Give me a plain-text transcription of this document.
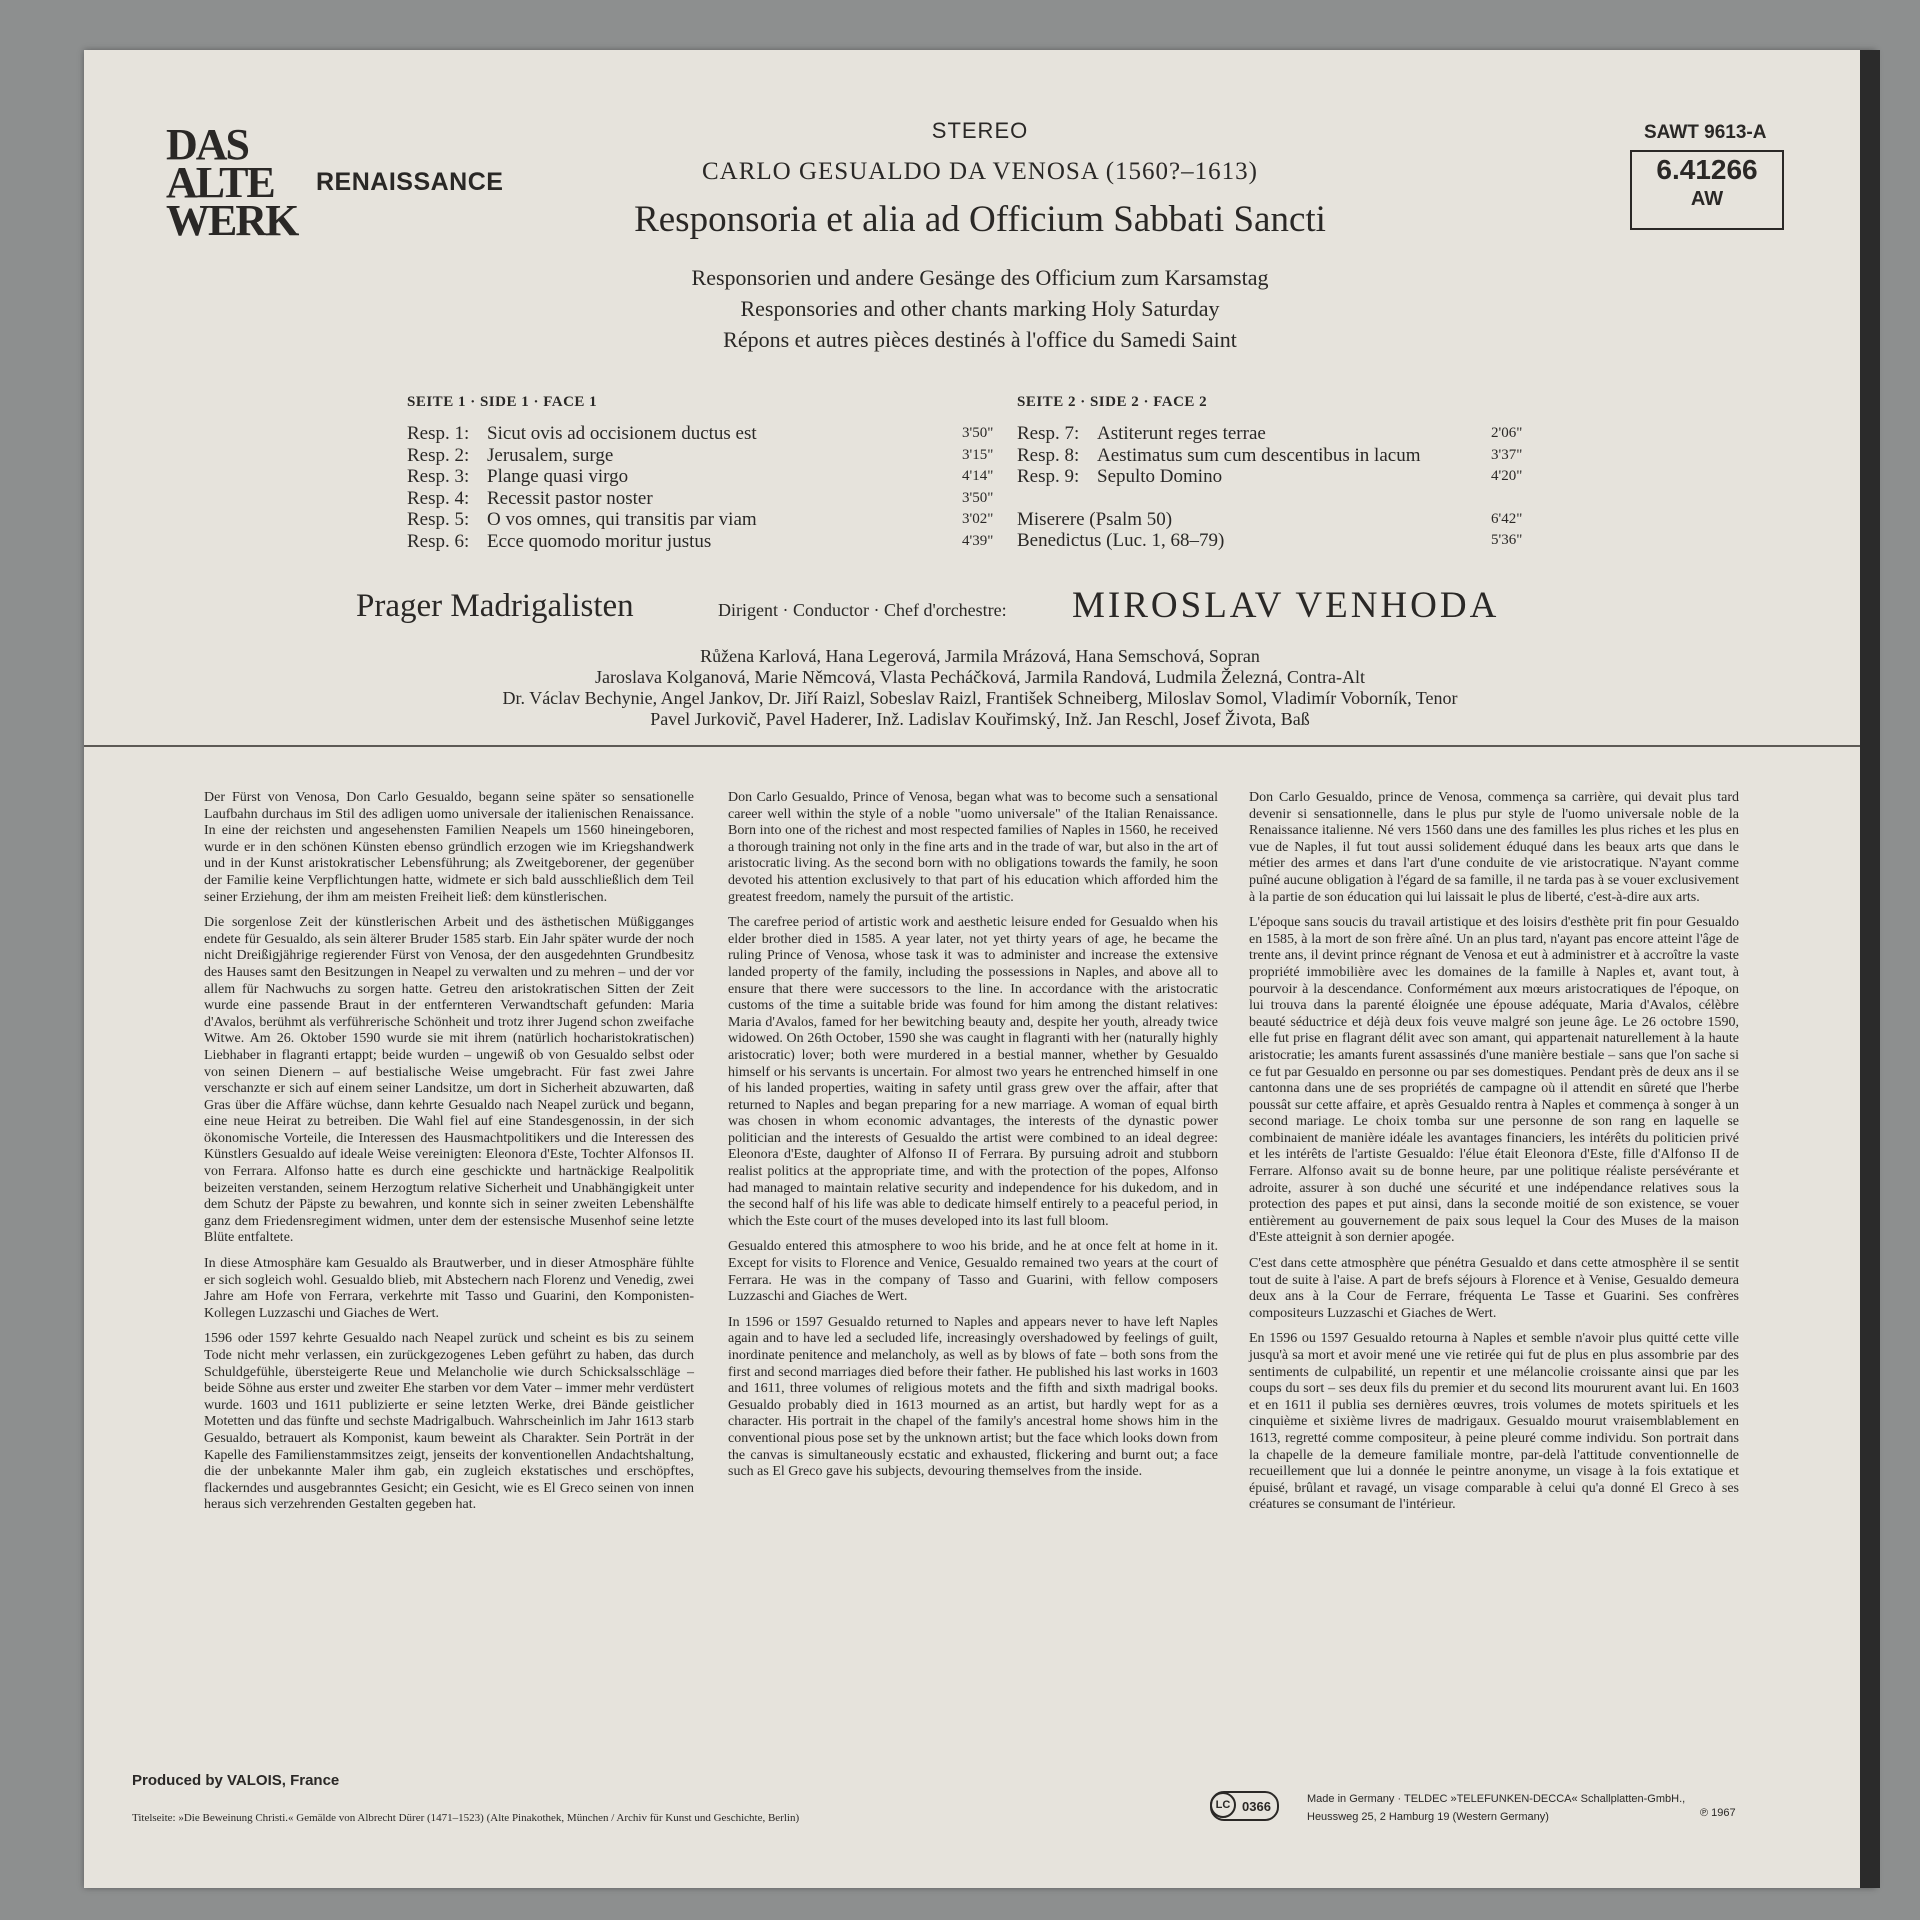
DAS
ALTE
WERK
RENAISSANCE
STEREO
CARLO GESUALDO DA VENOSA (1560?–1613)
Responsoria et alia ad Officium Sabbati Sancti
Responsorien und andere Gesänge des Officium zum Karsamstag
Responsories and other chants marking Holy Saturday
Répons et autres pièces destinés à l'office du Samedi Saint
SAWT 9613-A
6.41266
AW
SEITE 1 · SIDE 1 · FACE 1
Resp. 1: Sicut ovis ad occisionem ductus est	3'50"
Resp. 2: Jerusalem, surge	3'15"
Resp. 3: Plange quasi virgo	4'14"
Resp. 4: Recessit pastor noster	3'50"
Resp. 5: O vos omnes, qui transitis par viam	3'02"
Resp. 6: Ecce quomodo moritur justus	4'39"
SEITE 2 · SIDE 2 · FACE 2
Resp. 7: Astiterunt reges terrae	2'06"
Resp. 8: Aestimatus sum cum descentibus in lacum	3'37"
Resp. 9: Sepulto Domino	4'20"
Miserere (Psalm 50)	6'42"
Benedictus (Luc. 1, 68–79)	5'36"
Prager Madrigalisten	Dirigent · Conductor · Chef d'orchestre: MIROSLAV VENHODA
Růžena Karlová, Hana Legerová, Jarmila Mrázová, Hana Semschová, Sopran
Jaroslava Kolganová, Marie Němcová, Vlasta Pecháčková, Jarmila Randová, Ludmila Železná, Contra-Alt
Dr. Václav Bechynie, Angel Jankov, Dr. Jiří Raizl, Sobeslav Raizl, František Schneiberg, Miloslav Somol, Vladimír Voborník, Tenor
Pavel Jurkovič, Pavel Haderer, Inž. Ladislav Kouřimský, Inž. Jan Reschl, Josef Života, Baß

Der Fürst von Venosa, Don Carlo Gesualdo, begann seine später so sensationelle Laufbahn durchaus im Stil des adligen uomo universale der italienischen Renaissance. In eine der reichsten und angesehensten Familien Neapels um 1560 hineingeboren, wurde er in den schönen Künsten ebenso gründlich erzogen wie im Kriegshandwerk und in der Kunst aristokratischer Lebensführung; als Zweitgeborener, der gegenüber der Familie keine Verpflichtungen hatte, widmete er sich bald ausschließlich dem Teil seiner Erziehung, der ihm am meisten Freiheit ließ: dem künstlerischen.

Die sorgenlose Zeit der künstlerischen Arbeit und des ästhetischen Müßigganges endete für Gesualdo, als sein älterer Bruder 1585 starb. Ein Jahr später wurde der noch nicht Dreißigjährige regierender Fürst von Venosa, der den ausgedehnten Grundbesitz des Hauses samt den Besitzungen in Neapel zu verwalten und zu mehren – und der vor allem für Nachwuchs zu sorgen hatte. Getreu den aristokratischen Sitten der Zeit wurde eine passende Braut in der entfernteren Verwandtschaft gefunden: Maria d'Avalos, berühmt als verführerische Schönheit und trotz ihrer Jugend schon zweifache Witwe. Am 26. Oktober 1590 wurde sie mit ihrem (natürlich hocharistokratischen) Liebhaber in flagranti ertappt; beide wurden – ungewiß ob von Gesualdo selbst oder von seinen Dienern – auf bestialische Weise umgebracht. Für fast zwei Jahre verschanzte er sich auf einem seiner Landsitze, um dort in Sicherheit abzuwarten, daß Gras über die Affäre wüchse, dann kehrte Gesualdo nach Neapel zurück und begann, eine neue Heirat zu betreiben. Die Wahl fiel auf eine Standesgenossin, in der sich ökonomische Vorteile, die Interessen des Hausmachtpolitikers und die Interessen des Künstlers Gesualdo auf ideale Weise vereinigten: Eleonora d'Este, Tochter Alfonsos II. von Ferrara. Alfonso hatte es durch eine geschickte und hartnäckige Realpolitik beizeiten verstanden, seinem Herzogtum relative Sicherheit und Unabhängigkeit unter dem Schutz der Päpste zu bewahren, und konnte sich in seiner zweiten Lebenshälfte ganz dem Friedensregiment widmen, unter dem der estensische Musenhof seine letzte Blüte entfaltete.

In diese Atmosphäre kam Gesualdo als Brautwerber, und in dieser Atmosphäre fühlte er sich sogleich wohl. Gesualdo blieb, mit Abstechern nach Florenz und Venedig, zwei Jahre am Hofe von Ferrara, verkehrte mit Tasso und Guarini, den Komponisten-Kollegen Luzzaschi und Giaches de Wert.

1596 oder 1597 kehrte Gesualdo nach Neapel zurück und scheint es bis zu seinem Tode nicht mehr verlassen, ein zurückgezogenes Leben geführt zu haben, das durch Schuldgefühle, übersteigerte Reue und Melancholie wie durch Schicksalsschläge – beide Söhne aus erster und zweiter Ehe starben vor dem Vater – immer mehr verdüstert wurde. 1603 und 1611 publizierte er seine letzten Werke, drei Bände geistlicher Motetten und das fünfte und sechste Madrigalbuch. Wahrscheinlich im Jahr 1613 starb Gesualdo, betrauert als Komponist, kaum beweint als Charakter. Sein Porträt in der Kapelle des Familienstammsitzes zeigt, jenseits der konventionellen Andachtshaltung, die der unbekannte Maler ihm gab, ein zugleich ekstatisches und erschöpftes, flackerndes und ausgebranntes Gesicht; ein Gesicht, wie es El Greco seinen von innen heraus sich verzehrenden Gestalten gegeben hat.

Don Carlo Gesualdo, Prince of Venosa, began what was to become such a sensational career well within the style of a noble "uomo universale" of the Italian Renaissance. Born into one of the richest and most respected families of Naples in 1560, he received a thorough training not only in the fine arts and in the trade of war, but also in the art of aristocratic living. As the second born with no obligations towards the family, he soon devoted his attention exclusively to that part of his education which afforded him the greatest freedom, namely the pursuit of the artistic.

The carefree period of artistic work and aesthetic leisure ended for Gesualdo when his elder brother died in 1585. A year later, not yet thirty years of age, he became the ruling Prince of Venosa, whose task it was to administer and increase the extensive landed property of the family, including the possessions in Naples, and above all to ensure that there were successors to the line. In accordance with the aristocratic customs of the time a suitable bride was found for him among the distant relatives: Maria d'Avalos, famed for her bewitching beauty and, despite her youth, already twice widowed. On 26th October, 1590 she was caught in flagranti with her (naturally highly aristocratic) lover; both were murdered in a bestial manner, whether by Gesualdo himself or his servants is uncertain. For almost two years he entrenched himself in one of his landed properties, waiting in safety until grass grew over the affair, after that returned to Naples and began preparing for a new marriage. A woman of equal birth was chosen in whom economic advantages, the interests of the dynastic power politician and the interests of Gesualdo the artist were combined to an ideal degree: Eleonora d'Este, daughter of Alfonso II of Ferrara. By pursuing adroit and stubborn realist politics at the appropriate time, and with the protection of the popes, Alfonso had managed to maintain relative security and independence for his dukedom, and in the second half of his life was able to dedicate himself entirely to a peaceful period, in which the Este court of the muses developed into its last full bloom.

Gesualdo entered this atmosphere to woo his bride, and he at once felt at home in it. Except for visits to Florence and Venice, Gesualdo remained two years at the court of Ferrara. He was in the company of Tasso and Guarini, with fellow composers Luzzaschi and Giaches de Wert.

In 1596 or 1597 Gesualdo returned to Naples and appears never to have left Naples again and to have led a secluded life, increasingly overshadowed by feelings of guilt, inordinate penitence and melancholy, as well as by blows of fate – both sons from the first and second marriages died before their father. He published his last works in 1603 and 1611, three volumes of religious motets and the fifth and sixth madrigal books. Gesualdo probably died in 1613 mourned as an artist, but hardly wept for as a character. His portrait in the chapel of the family's ancestral home shows him in the conventional pious pose set by the unknown artist; but the face which looks down from the canvas is simultaneously ecstatic and exhausted, flickering and burnt out; a face such as El Greco gave his subjects, devouring themselves from the inside.

Don Carlo Gesualdo, prince de Venosa, commença sa carrière, qui devait plus tard devenir si sensationnelle, dans le plus pur style de l'uomo universale noble de la Renaissance italienne. Né vers 1560 dans une des familles les plus riches et les plus en vue de Naples, il fut tout aussi solidement éduqué dans les beaux arts que dans le métier des armes et dans l'art d'une conduite de vie aristocratique. N'ayant comme puîné aucune obligation à l'égard de sa famille, il ne tarda pas à se vouer exclusivement à la partie de son éducation qui lui laissait le plus de liberté, c'est-à-dire aux arts.

L'époque sans soucis du travail artistique et des loisirs d'esthète prit fin pour Gesualdo en 1585, à la mort de son frère aîné. Un an plus tard, n'ayant pas encore atteint l'âge de trente ans, il devint prince régnant de Venosa et eut à administrer et à accroître la vaste propriété immobilière avec les domaines de la famille à Naples et, avant tout, à pourvoir à la descendance. Conformément aux mœurs aristocratiques de l'époque, on lui trouva dans la parenté éloignée une épouse adéquate, Maria d'Avalos, célèbre beauté séductrice et déjà deux fois veuve malgré son jeune âge. Le 26 octobre 1590, elle fut prise en flagrant délit avec son amant, qui appartenait naturellement à la haute aristocratie; les amants furent assassinés d'une manière bestiale – sans que l'on sache si ce fut par Gesualdo en personne ou par ses domestiques. Pendant près de deux ans il se cantonna dans une de ses propriétés de campagne où il attendit en sûreté que l'herbe poussât sur cette affaire, et après Gesualdo rentra à Naples et commença à songer à un second mariage. Le choix tomba sur une personne de son rang en laquelle se combinaient de manière idéale les avantages financiers, les intérêts du politicien privé et les intérêts de l'artiste Gesualdo: l'élue était Eleonora d'Este, fille d'Alfonso II de Ferrare. Alfonso avait su de bonne heure, par une politique réaliste persévérante et adroite, assurer à son duché une sécurité et une indépendance relatives sous la protection des papes et put ainsi, dans la seconde moitié de son existence, se vouer entièrement au gouvernement de paix sous lequel la Cour des Muses de la maison d'Este atteignit à son dernier apogée.

C'est dans cette atmosphère que pénétra Gesualdo et dans cette atmosphère il se sentit tout de suite à l'aise. A part de brefs séjours à Florence et à Venise, Gesualdo demeura deux ans à la Cour de Ferrare, fréquenta Le Tasse et Guarini. Ses confrères compositeurs Luzzaschi et Giaches de Wert.

En 1596 ou 1597 Gesualdo retourna à Naples et semble n'avoir plus quitté cette ville jusqu'à sa mort et avoir mené une vie retirée qui fut de plus en plus assombrie par des sentiments de culpabilité, un repentir et une mélancolie croissante ainsi que par les coups du sort – ses deux fils du premier et du second lits moururent avant lui. En 1603 et en 1611 il publia ses dernières œuvres, trois volumes de motets spirituels et les cinquième et sixième livres de madrigaux. Gesualdo mourut vraisemblablement en 1613, regretté comme compositeur, à peine pleuré comme individu. Son portrait dans la chapelle de la demeure familiale montre, par-delà l'attitude conventionnelle de recueillement que lui a donnée le peintre anonyme, un visage à la fois extatique et épuisé, brûlant et ravagé, un visage comparable à celui qu'a donné El Greco à ses créatures se consumant de l'intérieur.

Produced by VALOIS, France
Titelseite: »Die Beweinung Christi.« Gemälde von Albrecht Dürer (1471–1523) (Alte Pinakothek, München / Archiv für Kunst und Geschichte, Berlin)
LC 0366	Made in Germany · TELDEC »TELEFUNKEN-DECCA« Schallplatten-GmbH.,
Heussweg 25, 2 Hamburg 19 (Western Germany)	℗ 1967
